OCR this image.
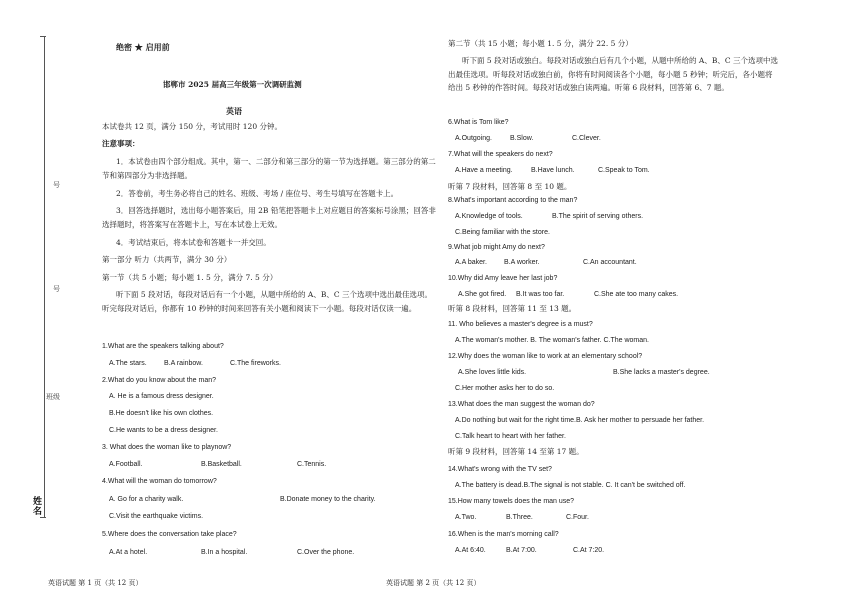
号
号
班级
姓名
绝密 ★ 启用前
邯郸市 2025 届高三年级第一次调研监测
英语
本试卷共 12 页，满分 150 分，考试用时 120 分钟。
注意事项：
1．本试卷由四个部分组成。其中，第一、二部分和第三部分的第一节为选择题。第三部分的第二节和第四部分为非选择题。
2．答卷前，考生务必将自己的姓名、班级、考场 / 座位号、考生号填写在答题卡上。
3．回答选择题时，选出每小题答案后，用 2B 铅笔把答题卡上对应题目的答案标号涂黑；回答非选择题时，将答案写在答题卡上，写在本试卷上无效。
4．考试结束后，将本试卷和答题卡一并交回。
第一部分 听力（共两节，满分 30 分）
第一节（共 5 小题；每小题 1. 5 分，满分 7. 5 分）
听下面 5 段对话，每段对话后有一个小题，从题中所给的 A、B、C 三个选项中选出最佳选项。听完每段对话后，你都有 10 秒钟的时间来回答有关小题和阅读下一小题。每段对话仅读一遍。
1.What are the speakers talking about?
A.The stars. B.A rainbow.	C.The fireworks.
2.What do you know about the man?
A. He is a famous dress designer.
B.He doesn't like his own clothes.
C.He wants to be a dress designer.
3. What does the woman like to playnow?
A.Football.	B.Basketball.	C.Tennis.
4.What will the woman do tomorrow?
A. Go for a charity walk.	B.Donate money to the charity.
C.Visit the earthquake victims.
5.Where does the conversation take place?
A.At a hotel.	B.In a hospital.	C.Over the phone.
第二节（共 15 小题；每小题 1. 5 分，满分 22. 5 分）
听下面 5 段对话或独白。每段对话或独白后有几个小题，从题中所给的 A、B、C 三个选项中选出最佳选项。听每段对话或独白前，你将有时间阅读各个小题，每小题 5 秒钟；听完后，各小题将给出 5 秒钟的作答时间。每段对话或独白读两遍。听第 6 段材料，回答第 6、7 题。
6.What is Tom like?
A.Outgoing.	B.Slow.	C.Clever.
7.What will the speakers do next?
A.Have a meeting.	B.Have lunch.	C.Speak to Tom.
听第 7 段材料，回答第 8 至 10 题。
8.What's important according to the man?
A.Knowledge of tools.	B.The spirit of serving others.
C.Being familiar with the store.
9.What job might Amy do next?
A.A baker. B.A worker.	C.An accountant.
10.Why did Amy leave her last job?
A.She got fired. B.It was too far.	C.She ate too many cakes.
听第 8 段材料，回答第 11 至 13 题。
11. Who believes a master's degree is a must?
A.The woman's mother. B. The woman's father. C.The woman.
12.Why does the woman like to work at an elementary school?
A.She loves little kids.	B.She lacks a master's degree.
C.Her mother asks her to do so.
13.What does the man suggest the woman do?
A.Do nothing but wait for the right time.B. Ask her mother to persuade her father.
C.Talk heart to heart with her father.
听第 9 段材料，回答第 14 至第 17 题。
14.What's wrong with the TV set?
A.The battery is dead.B.The signal is not stable. C. It can't be switched off.
15.How many towels does the man use?
A.Two.	B.Three.	C.Four.
16.When is the man's morning call?
A.At 6:40.	B.At 7:00.	C.At 7:20.
英语试题 第 1 页（共 12 页）	英语试题 第 2 页（共 12 页）
